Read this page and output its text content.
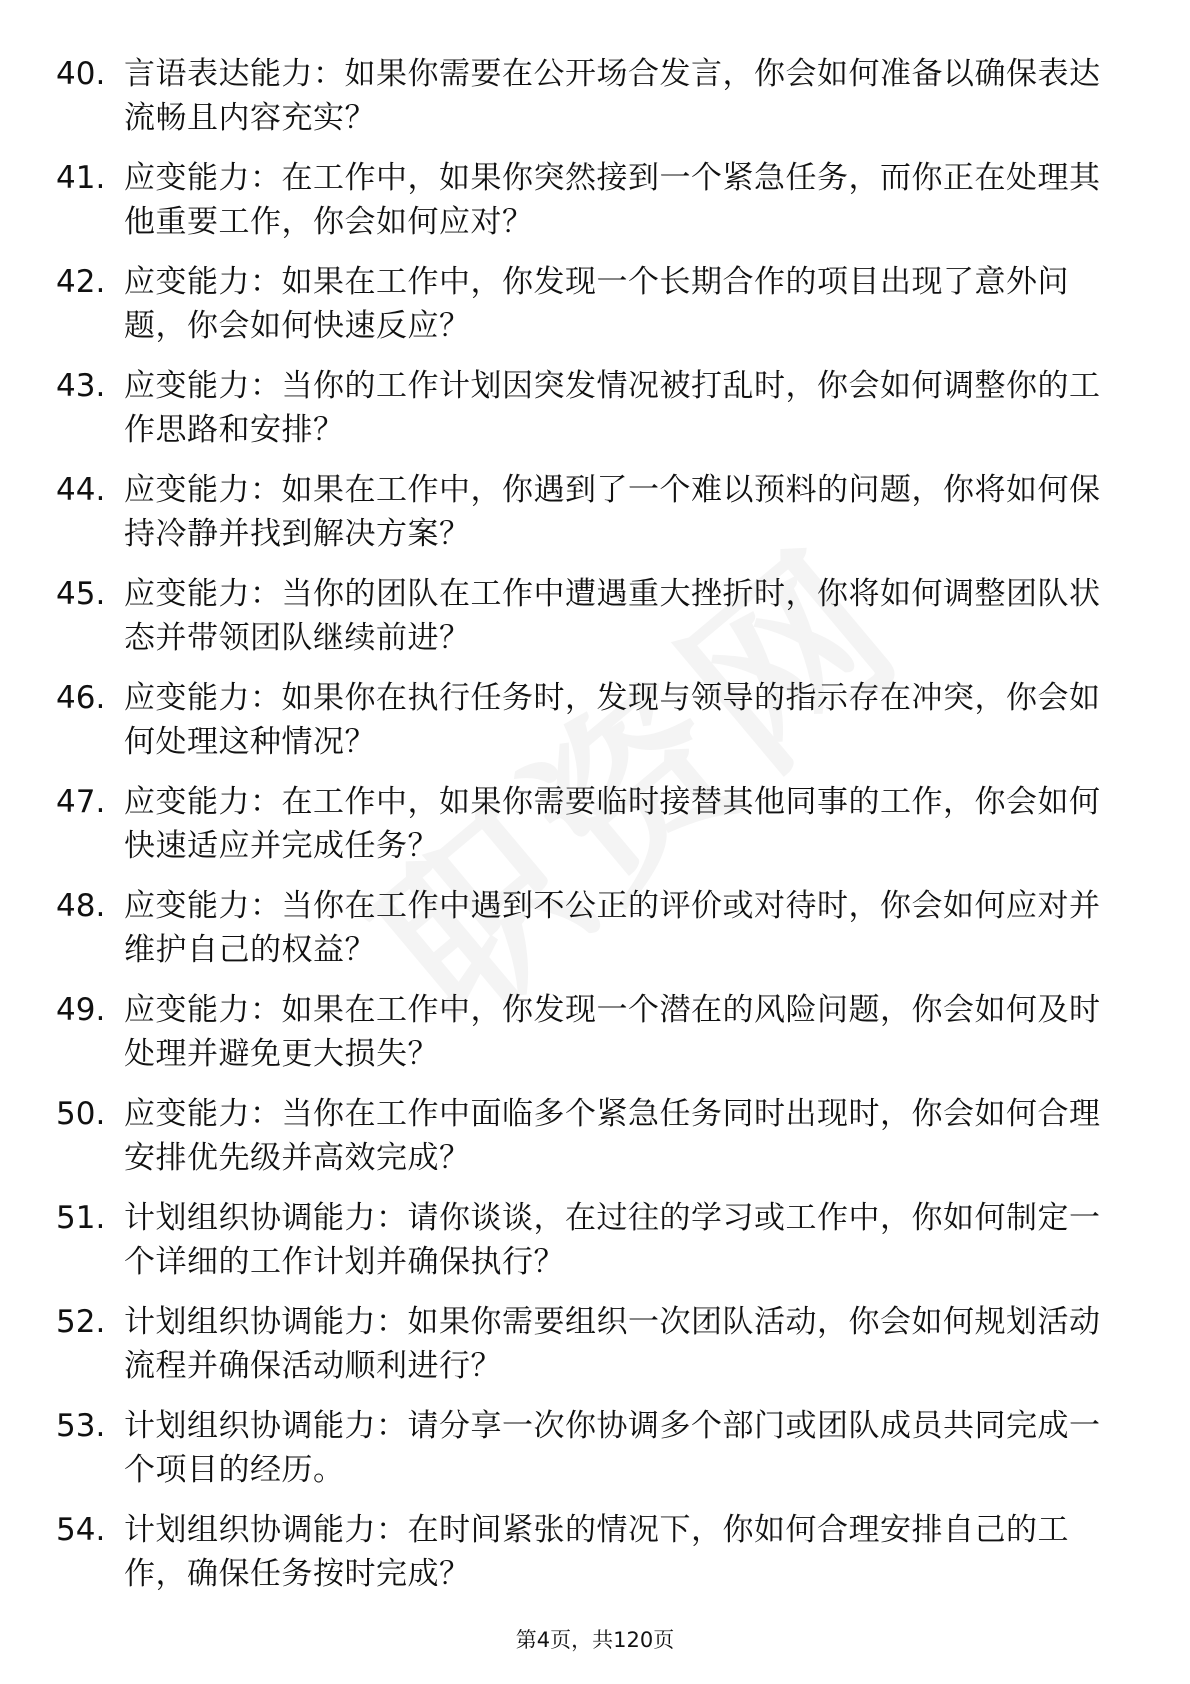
40. 言语表达能力：如果你需要在公开场合发言，你会如何准备以确保表达流畅且内容充实？
41. 应变能力：在工作中，如果你突然接到一个紧急任务，而你正在处理其他重要工作，你会如何应对？
42. 应变能力：如果在工作中，你发现一个长期合作的项目出现了意外问题，你会如何快速反应？
43. 应变能力：当你的工作计划因突发情况被打乱时，你会如何调整你的工作思路和安排？
44. 应变能力：如果在工作中，你遇到了一个难以预料的问题，你将如何保持冷静并找到解决方案？
45. 应变能力：当你的团队在工作中遭遇重大挫折时，你将如何调整团队状态并带领团队继续前进？
46. 应变能力：如果你在执行任务时，发现与领导的指示存在冲突，你会如何处理这种情况？
47. 应变能力：在工作中，如果你需要临时接替其他同事的工作，你会如何快速适应并完成任务？
48. 应变能力：当你在工作中遇到不公正的评价或对待时，你会如何应对并维护自己的权益？
49. 应变能力：如果在工作中，你发现一个潜在的风险问题，你会如何及时处理并避免更大损失？
50. 应变能力：当你在工作中面临多个紧急任务同时出现时，你会如何合理安排优先级并高效完成？
51. 计划组织协调能力：请你谈谈，在过往的学习或工作中，你如何制定一个详细的工作计划并确保执行？
52. 计划组织协调能力：如果你需要组织一次团队活动，你会如何规划活动流程并确保活动顺利进行？
53. 计划组织协调能力：请分享一次你协调多个部门或团队成员共同完成一个项目的经历。
54. 计划组织协调能力：在时间紧张的情况下，你如何合理安排自己的工作，确保任务按时完成？
第4页，共120页
